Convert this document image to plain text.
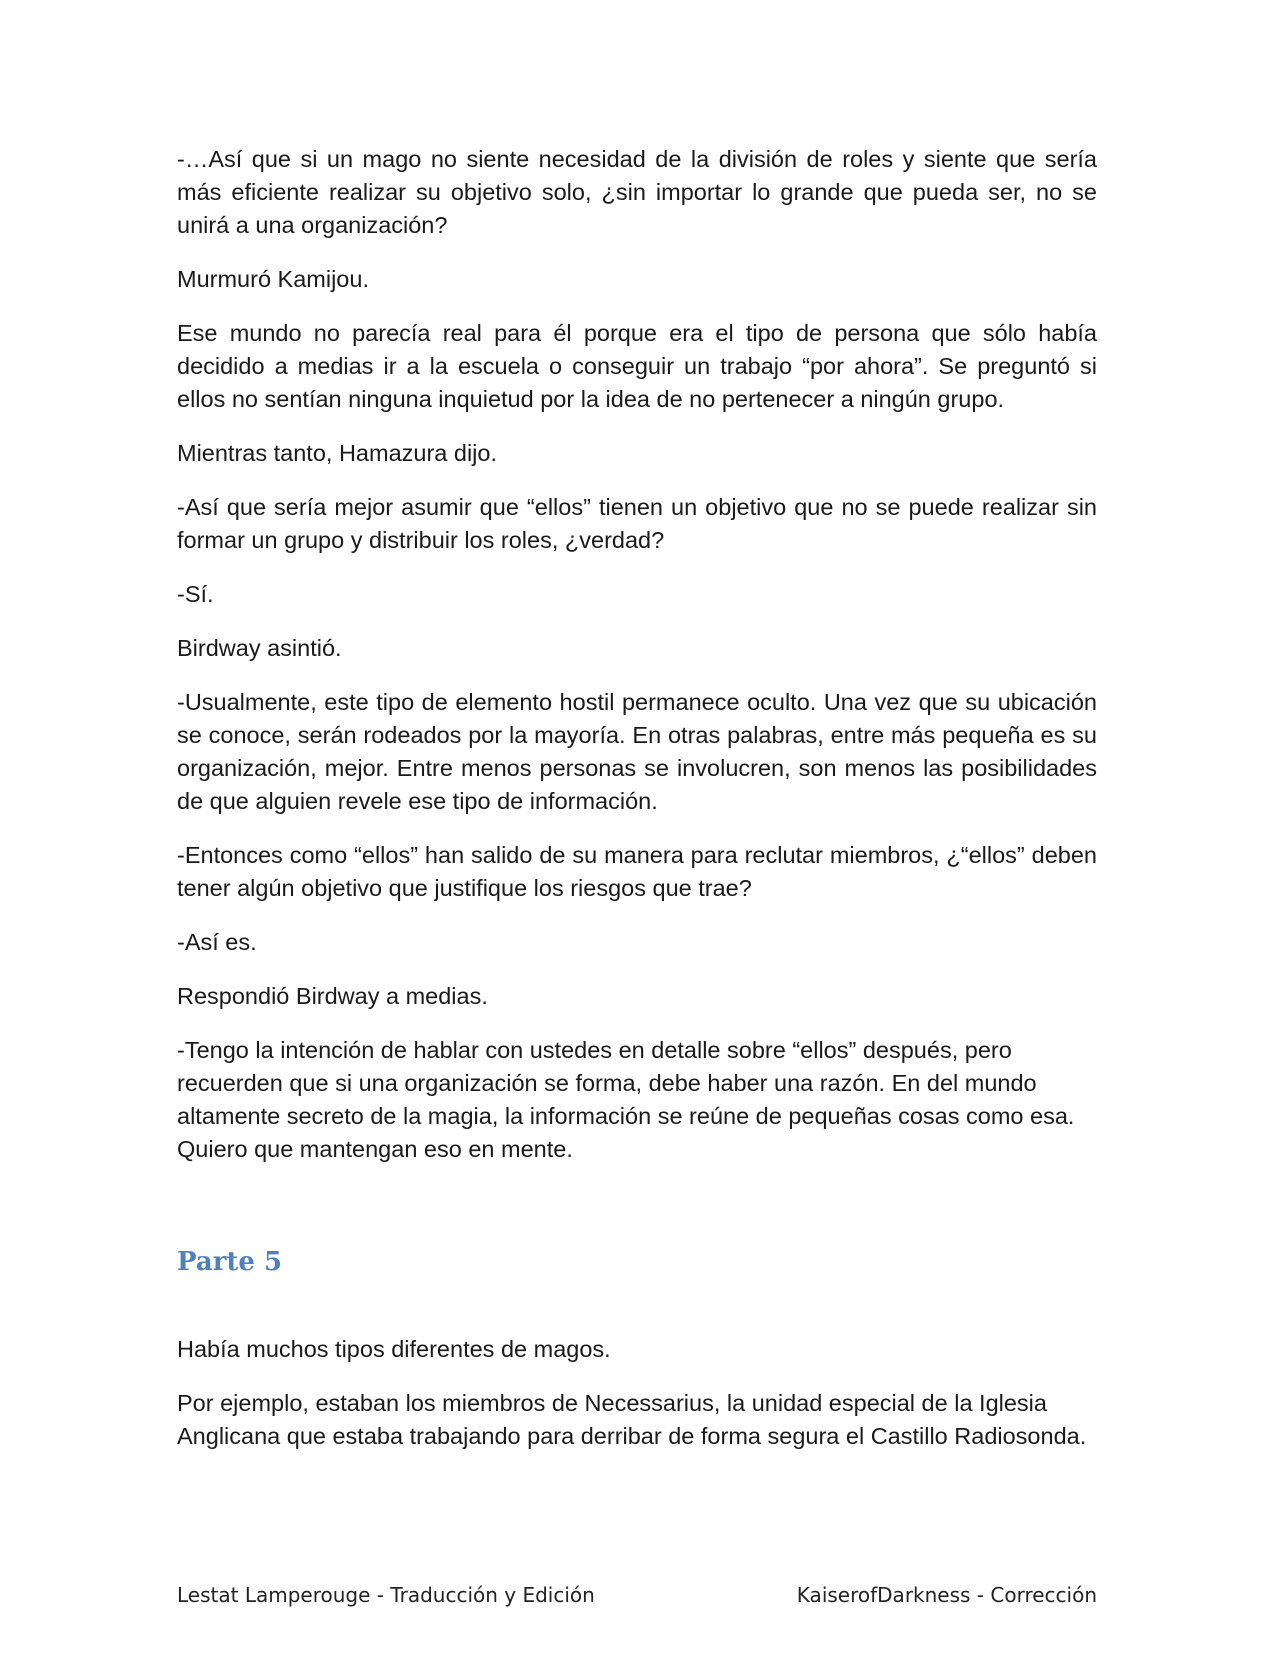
-…Así que si un mago no siente necesidad de la división de roles y siente que sería más eficiente realizar su objetivo solo, ¿sin importar lo grande que pueda ser, no se unirá a una organización?

Murmuró Kamijou.

Ese mundo no parecía real para él porque era el tipo de persona que sólo había decidido a medias ir a la escuela o conseguir un trabajo “por ahora”. Se preguntó si ellos no sentían ninguna inquietud por la idea de no pertenecer a ningún grupo.

Mientras tanto, Hamazura dijo.

-Así que sería mejor asumir que “ellos” tienen un objetivo que no se puede realizar sin formar un grupo y distribuir los roles, ¿verdad?

-Sí.

Birdway asintió.

-Usualmente, este tipo de elemento hostil permanece oculto. Una vez que su ubicación se conoce, serán rodeados por la mayoría. En otras palabras, entre más pequeña es su organización, mejor. Entre menos personas se involucren, son menos las posibilidades de que alguien revele ese tipo de información.

-Entonces como “ellos” han salido de su manera para reclutar miembros, ¿“ellos” deben tener algún objetivo que justifique los riesgos que trae?

-Así es.

Respondió Birdway a medias.

-Tengo la intención de hablar con ustedes en detalle sobre “ellos” después, pero recuerden que si una organización se forma, debe haber una razón. En del mundo altamente secreto de la magia, la información se reúne de pequeñas cosas como esa. Quiero que mantengan eso en mente.

Parte 5

Había muchos tipos diferentes de magos.

Por ejemplo, estaban los miembros de Necessarius, la unidad especial de la Iglesia Anglicana que estaba trabajando para derribar de forma segura el Castillo Radiosonda.

Lestat Lamperouge - Traducción y Edición	KaiserofDarkness - Corrección
